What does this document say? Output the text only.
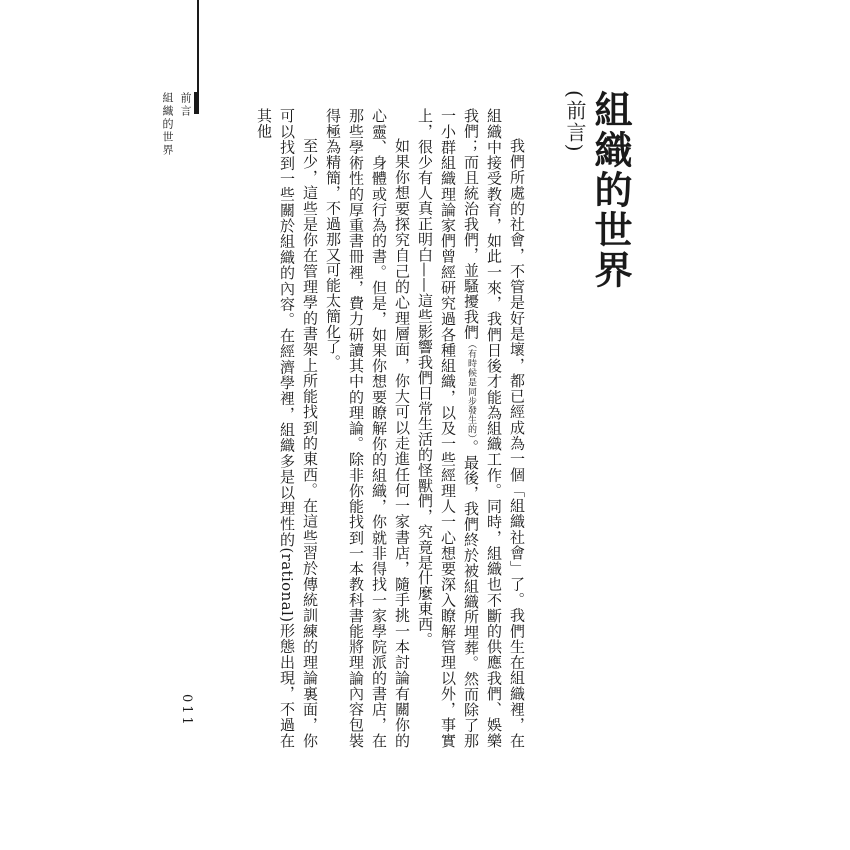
前言
組織的世界
011
組織的世界
(前言)

我們所處的社會，不管是好是壞，都已經成為一個「組織社會」了。我們生在組織裡，在組織中接受教育，如此一來，我們日後才能為組織工作。同時，組織也不斷的供應我們、娛樂我們；而且統治我們，並騷擾我們（有時候是同步發生的）。最後，我們終於被組織所埋葬。然而除了那一小群組織理論家們曾經研究過各種組織，以及一些經理人一心想要深入瞭解管理以外，事實上，很少有人真正明白——這些影響我們日常生活的怪獸們，究竟是什麼東西。

如果你想要探究自己的心理層面，你大可以走進任何一家書店，隨手挑一本討論有關你的心靈、身體或行為的書。但是，如果你想要瞭解你的組織，你就非得找一家學院派的書店，在那些學術性的厚重書冊裡，費力研讀其中的理論。除非你能找到一本教科書能將理論內容包裝得極為精簡，不過那又可能太簡化了。

至少，這些是你在管理學的書架上所能找到的東西。在這些習於傳統訓練的理論裏面，你可以找到一些關於組織的內容。在經濟學裡，組織多是以理性的(rational)形態出現，不過在其他
